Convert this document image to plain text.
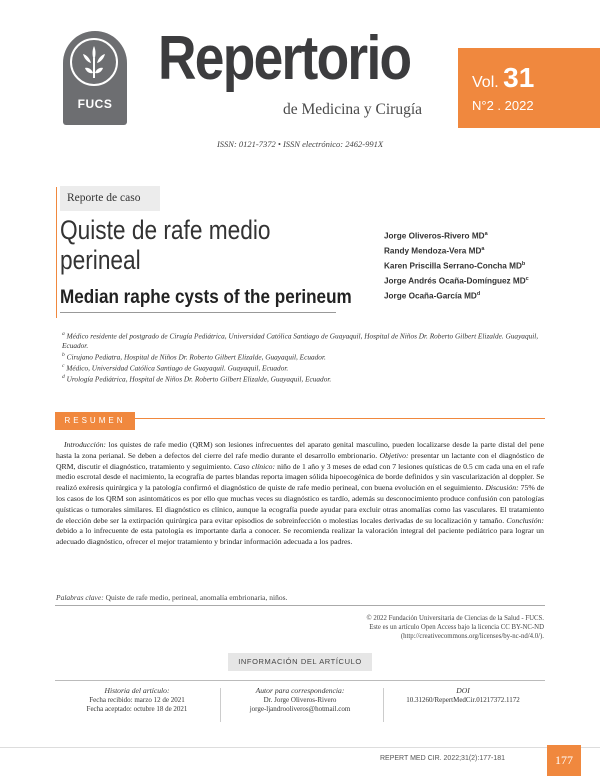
FUCS
Repertorio
de Medicina y Cirugía
Vol. 31
N°2 . 2022
ISSN: 0121-7372 • ISSN electrónico: 2462-991X
Reporte de caso
Quiste de rafe medio perineal
Median raphe cysts of the perineum
Jorge Oliveros-Rivero $MD^a$
Randy Mendoza-Vera $MD^a$
Karen Priscilla Serrano-Concha $MD^b$
Jorge Andrés Ocaña-Domínguez $MD^c$
Jorge Ocaña-García $MD^d$
$^a$ Médico residente del postgrado de Cirugía Pediátrica, Universidad Católica Santiago de Guayaquil, Hospital de Niños Dr. Roberto Gilbert Elizalde. Guayaquil, Ecuador.
$^b$ Cirujano Pediatra, Hospital de Niños Dr. Roberto Gilbert Elizalde, Guayaquil, Ecuador.
$^c$ Médico, Universidad Católica Santiago de Guayaquil. Guayaquil, Ecuador.
$^d$ Urología Pediátrica, Hospital de Niños Dr. Roberto Gilbert Elizalde, Guayaquil, Ecuador.
RESUMEN

Introducción: los quistes de rafe medio (QRM) son lesiones infrecuentes del aparato genital masculino, pueden localizarse desde la parte distal del pene hasta la zona perianal. Se deben a defectos del cierre del rafe medio durante el desarrollo embrionario. Objetivo: presentar un lactante con el diagnóstico de QRM, discutir el diagnóstico, tratamiento y seguimiento. Caso clínico: niño de 1 año y 3 meses de edad con 7 lesiones quísticas de 0.5 cm cada una en el rafe medio escrotal desde el nacimiento, la ecografía de partes blandas reporta imagen sólida hipoecogénica de borde definidos y sin vascularización al doppler. Se realizó exéresis quirúrgica y la patología confirmó el diagnóstico de quiste de rafe medio perineal, con buena evolución en el seguimiento. Discusión: 75% de los casos de los QRM son asintomáticos es por ello que muchas veces su diagnóstico es tardío, además su desconocimiento produce confusión con patologías quísticas o tumorales similares. El diagnóstico es clínico, aunque la ecografía puede ayudar para excluir otras anomalías como las vasculares. El tratamiento de elección debe ser la extirpación quirúrgica para evitar episodios de sobreinfección o molestias locales derivadas de su localización y tamaño. Conclusión: debido a lo infrecuente de esta patología es importante darla a conocer. Se recomienda realizar la valoración integral del paciente pediátrico para lograr un adecuado diagnóstico, ofrecer el mejor tratamiento y brindar información adecuada a los padres.

Palabras clave: Quiste de rafe medio, perineal, anomalía embrionaria, niños.
© 2022 Fundación Universitaria de Ciencias de la Salud - FUCS.
Este es un artículo Open Access bajo la licencia CC BY-NC-ND (http://creativecommons.org/licenses/by-nc-nd/4.0/).
INFORMACIÓN DEL ARTÍCULO
Historia del artículo:
Fecha recibido: marzo 12 de 2021
Fecha aceptado: octubre 18 de 2021
Autor para correspondencia:
Dr. Jorge Oliveros-Rivero
jorge-ljandrooliveros@hotmail.com
DOI
10.31260/RepertMedCir.01217372.1172
REPERT MED CIR. 2022;31(2):177-181	177
